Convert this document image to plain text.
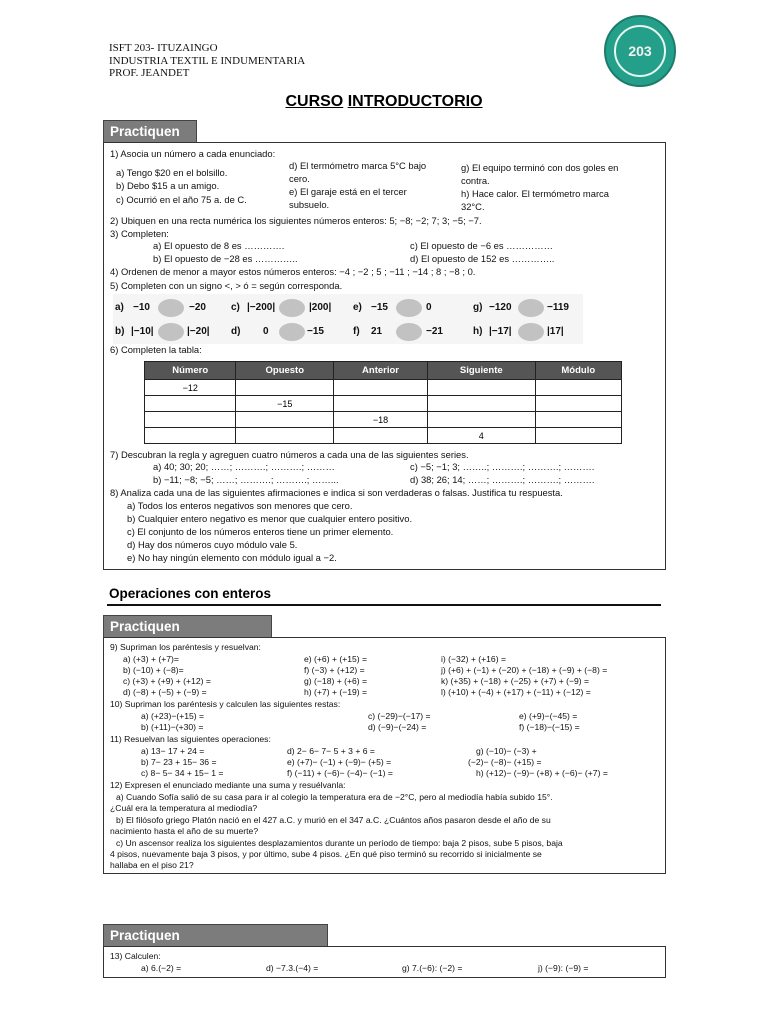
ISFT 203- ITUZAINGO
INDUSTRIA TEXTIL E INDUMENTARIA
PROF. JEANDET
203
CURSO INTRODUCTORIO
Practiquen
1) Asocia un número a cada enunciado:
a) Tengo $20 en el bolsillo.
b) Debo $15 a un amigo.
c) Ocurrió en el año 75 a. de C.
d) El termómetro marca 5°C bajo
cero.
e) El garaje está en el tercer
subsuelo.
g) El equipo terminó con dos goles en
contra.
h) Hace calor. El termómetro marca
32°C.
2) Ubiquen en una recta numérica los siguientes números enteros: 5; −8; −2; 7; 3; −5; −7.
3) Completen:
a) El opuesto de 8 es ………….
b) El opuesto de −28 es …………..
c) El opuesto de −6 es ……………
d) El opuesto de 152 es …………..
4) Ordenen de menor a mayor estos números enteros: −4 ; −2 ; 5 ; −11 ; −14 ; 8 ; −8 ; 0.
5) Completen con un signo <, > ó = según corresponda.
a) −10	−20	c) |−200|	|200| e) −15	0	g) −120	−119
b) |−10|	|−20| d) 0	−15	f) 21	−21	h) |−17|	|17|
6) Completen la tabla:
Número	Opuesto	Anterior	Siguiente	Módulo
−12				
	−15			
		−18		
			4	
7) Descubran la regla y agreguen cuatro números a cada una de las siguientes series.
a) 40; 30; 20; ……; ……….; ……….; ………
b) −11; −8; −5; ……; ……….; ……….; ……...
c) −5; −1; 3; ……..; ……….; ……….; ……….
d) 38; 26; 14; ……; ……….; ……….; ……….
8) Analiza cada una de las siguientes afirmaciones e indica si son verdaderas o falsas. Justifica tu respuesta.
a) Todos los enteros negativos son menores que cero.
b) Cualquier entero negativo es menor que cualquier entero positivo.
c) El conjunto de los números enteros tiene un primer elemento.
d) Hay dos números cuyo módulo vale 5.
e) No hay ningún elemento con módulo igual a −2.
Operaciones con enteros
Practiquen
9) Supriman los paréntesis y resuelvan:
a) (+3) + (+7)=
b) (−10) + (−8)=
c) (+3) + (+9) + (+12) =
d) (−8) + (−5) + (−9) =
e) (+6) + (+15) =
f) (−3) + (+12) =
g) (−18) + (+6) =
h) (+7) + (−19) =
i) (−32) + (+16) =
j) (+6) + (−1) + (−20) + (−18) + (−9) + (−8) =
k) (+35) + (−18) + (−25) + (+7) + (−9) =
l) (+10) + (−4) + (+17) + (−11) + (−12) =
10) Supriman los paréntesis y calculen las siguientes restas:
a) (+23)−(+15) =
b) (+11)−(+30) =
c) (−29)−(−17) =
d) (−9)−(−24) =
e) (+9)−(−45) =
f) (−18)−(−15) =
11) Resuelvan las siguientes operaciones:
a) 13− 17 + 24 =
b) 7− 23 + 15− 36 =
c) 8− 5− 34 + 15− 1 =
d) 2− 6− 7− 5 + 3 + 6 =
e) (+7)− (−1) + (−9)− (+5) =
f) (−11) + (−6)− (−4)− (−1) =
g) (−10)− (−3) +
(−2)− (−8)− (+15) =
h) (+12)− (−9)− (+8) + (−6)− (+7) =
12) Expresen el enunciado mediante una suma y resuélvanla:
a) Cuando Sofía salió de su casa para ir al colegio la temperatura era de −2°C, pero al mediodía había subido 15°.
¿Cuál era la temperatura al mediodía?
b) El filósofo griego Platón nació en el 427 a.C. y murió en el 347 a.C. ¿Cuántos años pasaron desde el año de su
nacimiento hasta el año de su muerte?
c) Un ascensor realiza los siguientes desplazamientos durante un período de tiempo: baja 2 pisos, sube 5 pisos, baja
4 pisos, nuevamente baja 3 pisos, y por último, sube 4 pisos. ¿En qué piso terminó su recorrido si inicialmente se
hallaba en el piso 21?
Practiquen
13) Calculen:
a) 6.(−2) =	d) −7.3.(−4) =	g) 7.(−6): (−2) =	j) (−9): (−9) =
